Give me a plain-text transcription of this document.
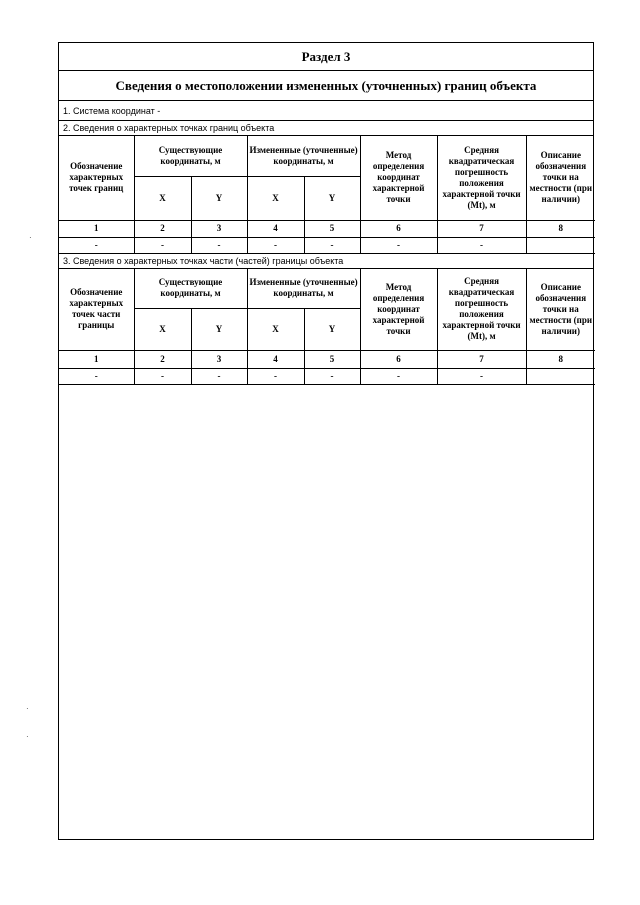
·
·
·
Раздел 3
Сведения о местоположении измененных (уточненных) границ объекта
1. Система координат -
2. Сведения о характерных точках границ объекта
Обозначение характерных точек границ	Существующие координаты, м		Измененные (уточненные) координаты, м		Метод определения координат характерной точки	Средняя квадратическая погрешность положения характерной точки (Mt), м	Описание обозначения точки на местности (при наличии)
	X	Y	X	Y			
1	2	3	4	5	6	7	8
-	-	-	-	-	-	-	
3. Сведения о характерных точках части (частей) границы объекта
Обозначение характерных точек части границы	Существующие координаты, м		Измененные (уточненные) координаты, м		Метод определения координат характерной точки	Средняя квадратическая погрешность положения характерной точки (Mt), м	Описание обозначения точки на местности (при наличии)
	X	Y	X	Y			
1	2	3	4	5	6	7	8
-	-	-	-	-	-	-	
